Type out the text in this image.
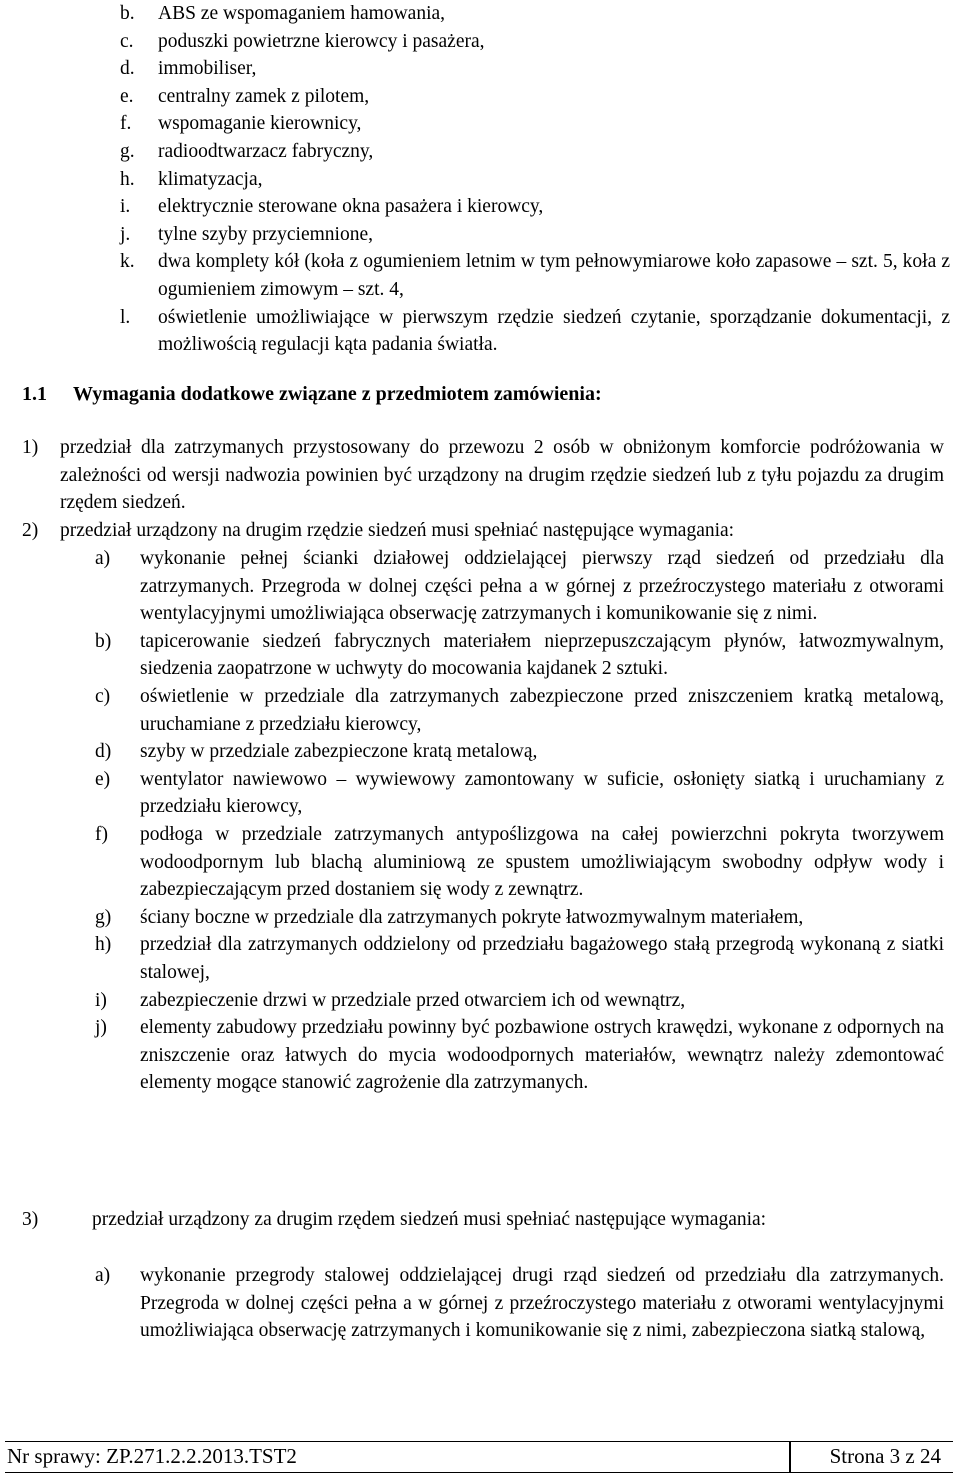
b. ABS ze wspomaganiem hamowania,
c. poduszki powietrzne kierowcy i pasażera,
d. immobiliser,
e. centralny zamek z pilotem,
f. wspomaganie kierownicy,
g. radioodtwarzacz fabryczny,
h. klimatyzacja,
i. elektrycznie sterowane okna pasażera i kierowcy,
j. tylne szyby przyciemnione,
k. dwa komplety kół (koła z ogumieniem letnim w tym pełnowymiarowe koło zapasowe – szt. 5, koła z ogumieniem zimowym – szt. 4,
l. oświetlenie umożliwiające w pierwszym rzędzie siedzeń czytanie, sporządzanie dokumentacji, z możliwością regulacji kąta padania światła.
1.1 Wymagania dodatkowe związane z przedmiotem zamówienia:
1)	przedział dla zatrzymanych przystosowany do przewozu 2 osób w obniżonym komforcie podróżowania w zależności od wersji nadwozia powinien być urządzony na drugim rzędzie siedzeń lub z tyłu pojazdu za drugim rzędem siedzeń.
2)	przedział urządzony na drugim rzędzie siedzeń musi spełniać następujące wymagania:
a) wykonanie pełnej ścianki działowej oddzielającej pierwszy rząd siedzeń od przedziału dla zatrzymanych. Przegroda w dolnej części pełna a w górnej z przeźroczystego materiału z otworami wentylacyjnymi umożliwiająca obserwację zatrzymanych i komunikowanie się z nimi.
b) tapicerowanie siedzeń fabrycznych materiałem nieprzepuszczającym płynów, łatwozmywalnym, siedzenia zaopatrzone w uchwyty do mocowania kajdanek 2 sztuki.
c) oświetlenie w przedziale dla zatrzymanych zabezpieczone przed zniszczeniem kratką metalową, uruchamiane z przedziału kierowcy,
d) szyby w przedziale zabezpieczone kratą metalową,
e) wentylator nawiewowo – wywiewowy zamontowany w suficie, osłonięty siatką i uruchamiany z przedziału kierowcy,
f) podłoga w przedziale zatrzymanych antypoślizgowa na całej powierzchni pokryta tworzywem wodoodpornym lub blachą aluminiową ze spustem umożliwiającym swobodny odpływ wody i zabezpieczającym przed dostaniem się wody z zewnątrz.
g) ściany boczne w przedziale dla zatrzymanych pokryte łatwozmywalnym materiałem,
h) przedział dla zatrzymanych oddzielony od przedziału bagażowego stałą przegrodą wykonaną z siatki stalowej,
i) zabezpieczenie drzwi w przedziale przed otwarciem ich od wewnątrz,
j) elementy zabudowy przedziału powinny być pozbawione ostrych krawędzi, wykonane z odpornych na zniszczenie oraz łatwych do mycia wodoodpornych materiałów, wewnątrz należy zdemontować elementy mogące stanowić zagrożenie dla zatrzymanych.
3)	przedział urządzony za drugim rzędem siedzeń musi spełniać następujące wymagania:
a) wykonanie przegrody stalowej oddzielającej drugi rząd siedzeń od przedziału dla zatrzymanych. Przegroda w dolnej części pełna a w górnej z przeźroczystego materiału z otworami wentylacyjnymi umożliwiająca obserwację zatrzymanych i komunikowanie się z nimi, zabezpieczona siatką stalową,
Nr sprawy: ZP.271.2.2.2013.TST2	Strona 3 z 24
